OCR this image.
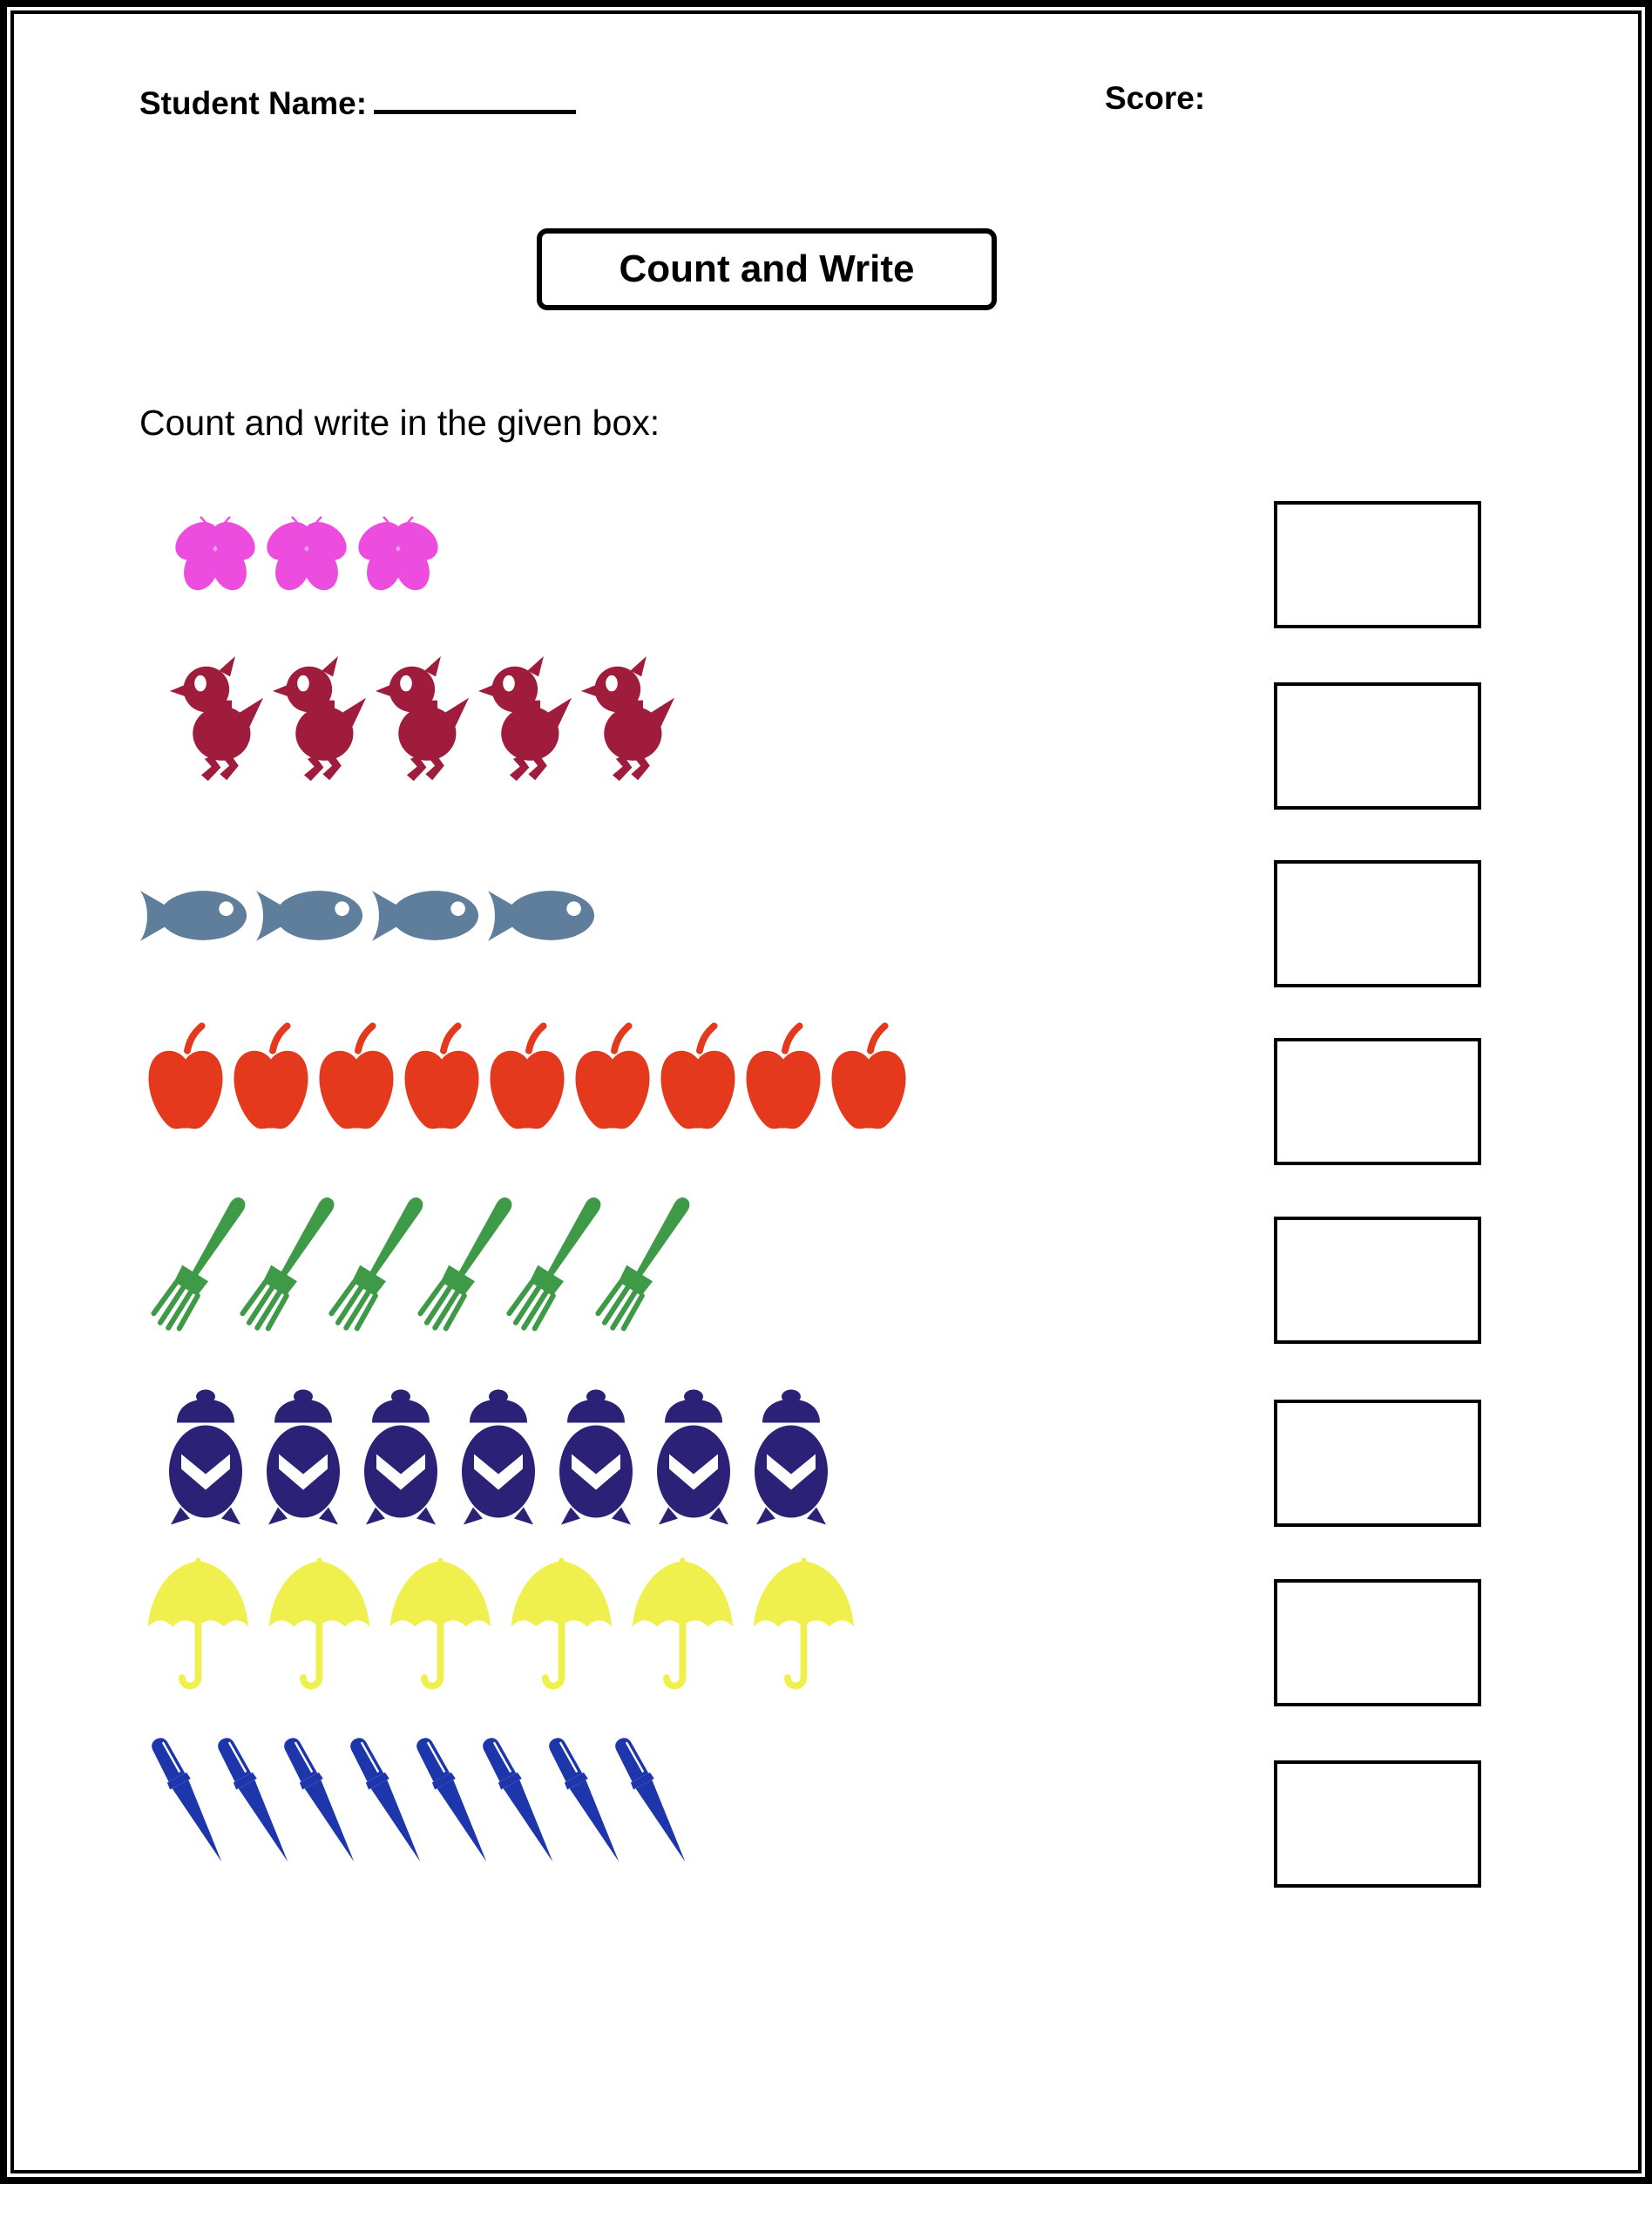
Student Name:	Score:
Count and Write
Count and write in the given box:
